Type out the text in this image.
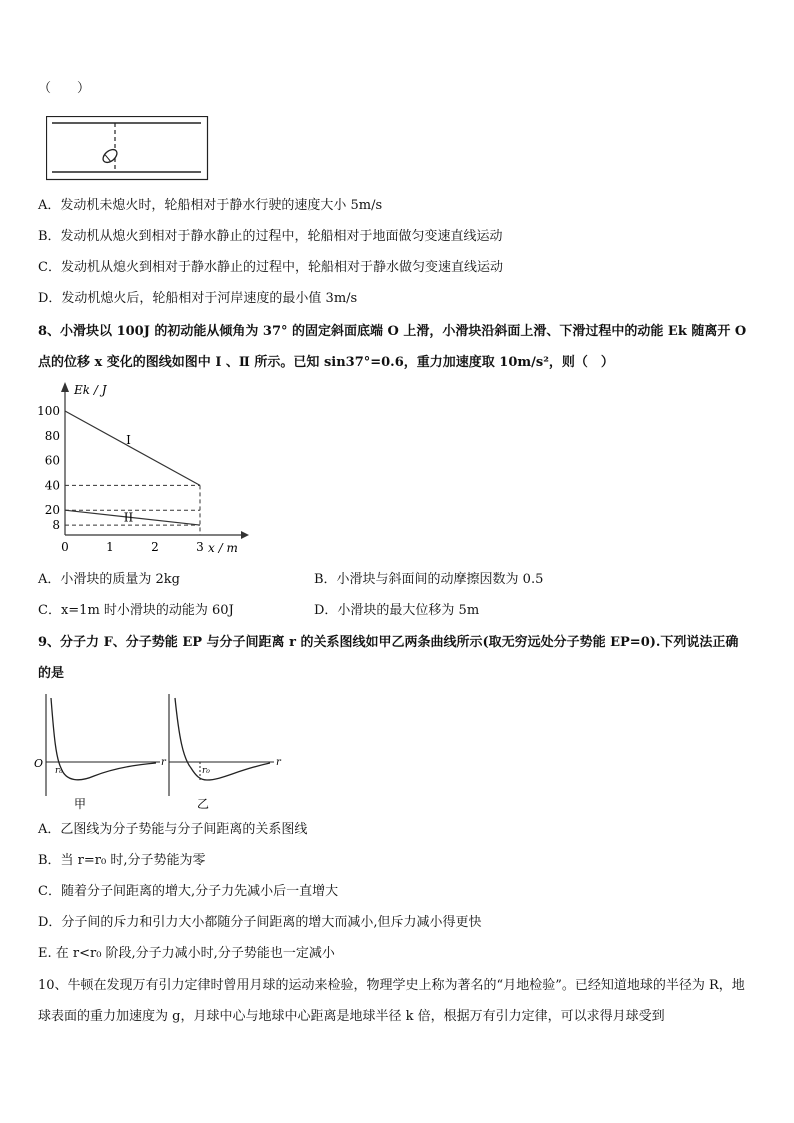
（　　）
A．发动机未熄火时，轮船相对于静水行驶的速度大小 5m/s
B．发动机从熄火到相对于静水静止的过程中，轮船相对于地面做匀变速直线运动
C．发动机从熄火到相对于静水静止的过程中，轮船相对于静水做匀变速直线运动
D．发动机熄火后，轮船相对于河岸速度的最小值 3m/s
8、小滑块以 100J 的初动能从倾角为 37° 的固定斜面底端 O 上滑，小滑块沿斜面上滑、下滑过程中的动能 Ek 随离开 O
点的位移 x 变化的图线如图中 Ⅰ 、Ⅱ 所示。已知 sin37°=0.6，重力加速度取 10m/s²，则（　）
Ek / J
x / m
8
20
40
60
80
100
0	1	2	3
I
II
A．小滑块的质量为 2kg	B．小滑块与斜面间的动摩擦因数为 0.5
C．x=1m 时小滑块的动能为 60J	D．小滑块的最大位移为 5m
9、分子力 F、分子势能 EP 与分子间距离 r 的关系图线如甲乙两条曲线所示(取无穷远处分子势能 EP=0).下列说法正确
的是
O
r₀
r
甲
r₀
r
乙
A．乙图线为分子势能与分子间距离的关系图线
B．当 r=r₀ 时,分子势能为零
C．随着分子间距离的增大,分子力先减小后一直增大
D．分子间的斥力和引力大小都随分子间距离的增大而减小,但斥力减小得更快
E. 在 r<r₀ 阶段,分子力减小时,分子势能也一定减小
10、牛顿在发现万有引力定律时曾用月球的运动来检验，物理学史上称为著名的“月地检验”。已经知道地球的半径为 R，地球表面的重力加速度为 g，月球中心与地球中心距离是地球半径 k 倍，根据万有引力定律，可以求得月球受到
